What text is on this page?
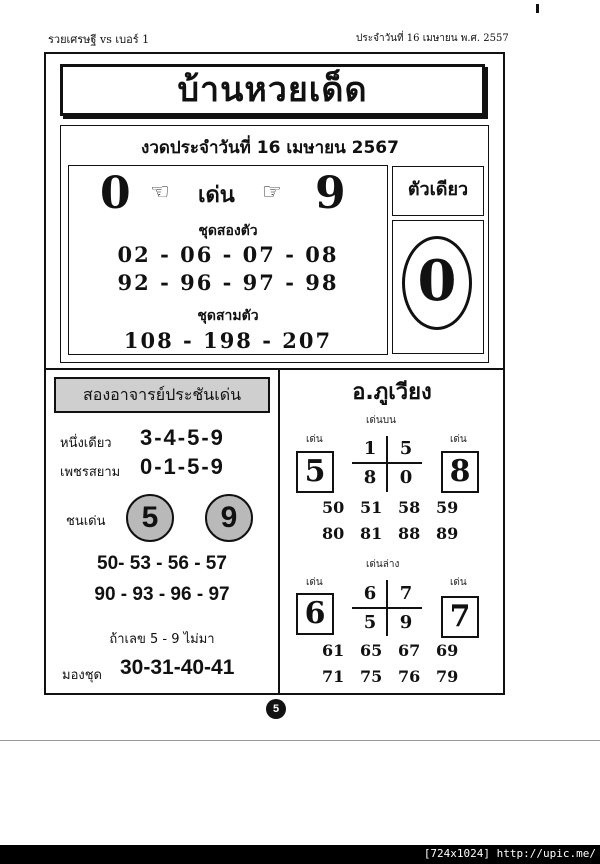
รวยเศรษฐี vs เบอร์ 1	ประจำวันที่ 16 เมษายน พ.ศ. 2557
บ้านหวยเด็ด
งวดประจำวันที่ 16 เมษายน 2567
0 ☜ เด่น ☞ 9
ชุดสองตัว
02 - 06 - 07 - 08
92 - 96 - 97 - 98
ชุดสามตัว
108 - 198 - 207
ตัวเดียว
0
สองอาจารย์ประชันเด่น
หนึ่งเดียว 3-4-5-9
เพชรสยาม 0-1-5-9
ชนเด่น	5	9
50- 53 - 56 - 57
90 - 93 - 96 - 97
ถ้าเลข 5 - 9 ไม่มา
มองชุด 30-31-40-41
อ.ภูเวียง
เด่นบน
เด่น	เด่น
5	8
1	5
8	0
50 51 58 59
80 81 88 89
เด่นล่าง
เด่น	เด่น
6	7
6	7
5	9
61 65 67 69
71 75 76 79
5
[724x1024] http://upic.me/
